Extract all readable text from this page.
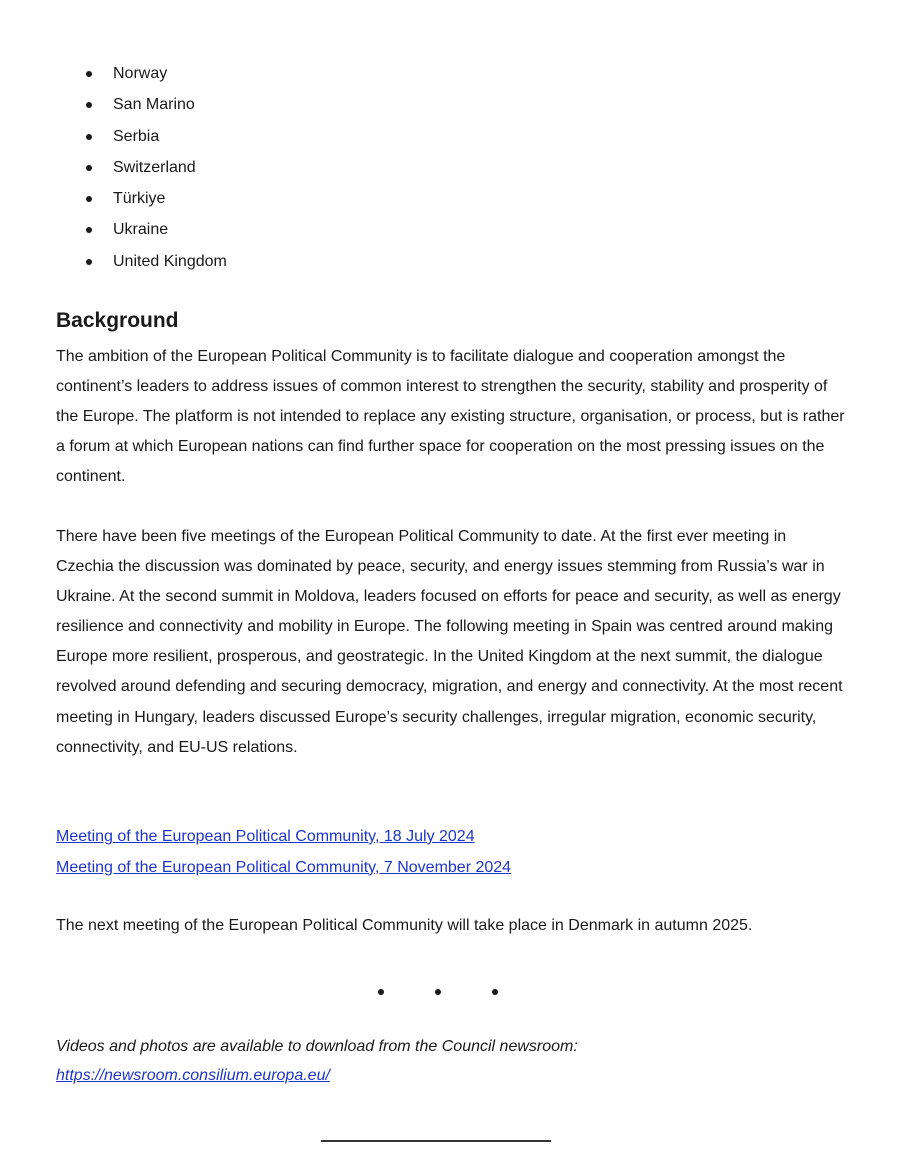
Norway
San Marino
Serbia
Switzerland
Türkiye
Ukraine
United Kingdom
Background

The ambition of the European Political Community is to facilitate dialogue and cooperation amongst the continent’s leaders to address issues of common interest to strengthen the security, stability and prosperity of the Europe. The platform is not intended to replace any existing structure, organisation, or process, but is rather a forum at which European nations can find further space for cooperation on the most pressing issues on the continent.

There have been five meetings of the European Political Community to date. At the first ever meeting in Czechia the discussion was dominated by peace, security, and energy issues stemming from Russia’s war in Ukraine. At the second summit in Moldova, leaders focused on efforts for peace and security, as well as energy resilience and connectivity and mobility in Europe. The following meeting in Spain was centred around making Europe more resilient, prosperous, and geostrategic. In the United Kingdom at the next summit, the dialogue revolved around defending and securing democracy, migration, and energy and connectivity. At the most recent meeting in Hungary, leaders discussed Europe’s security challenges, irregular migration, economic security, connectivity, and EU-US relations.

Meeting of the European Political Community, 18 July 2024
Meeting of the European Political Community, 7 November 2024

The next meeting of the European Political Community will take place in Denmark in autumn 2025.

Videos and photos are available to download from the Council newsroom:
https://newsroom.consilium.europa.eu/
